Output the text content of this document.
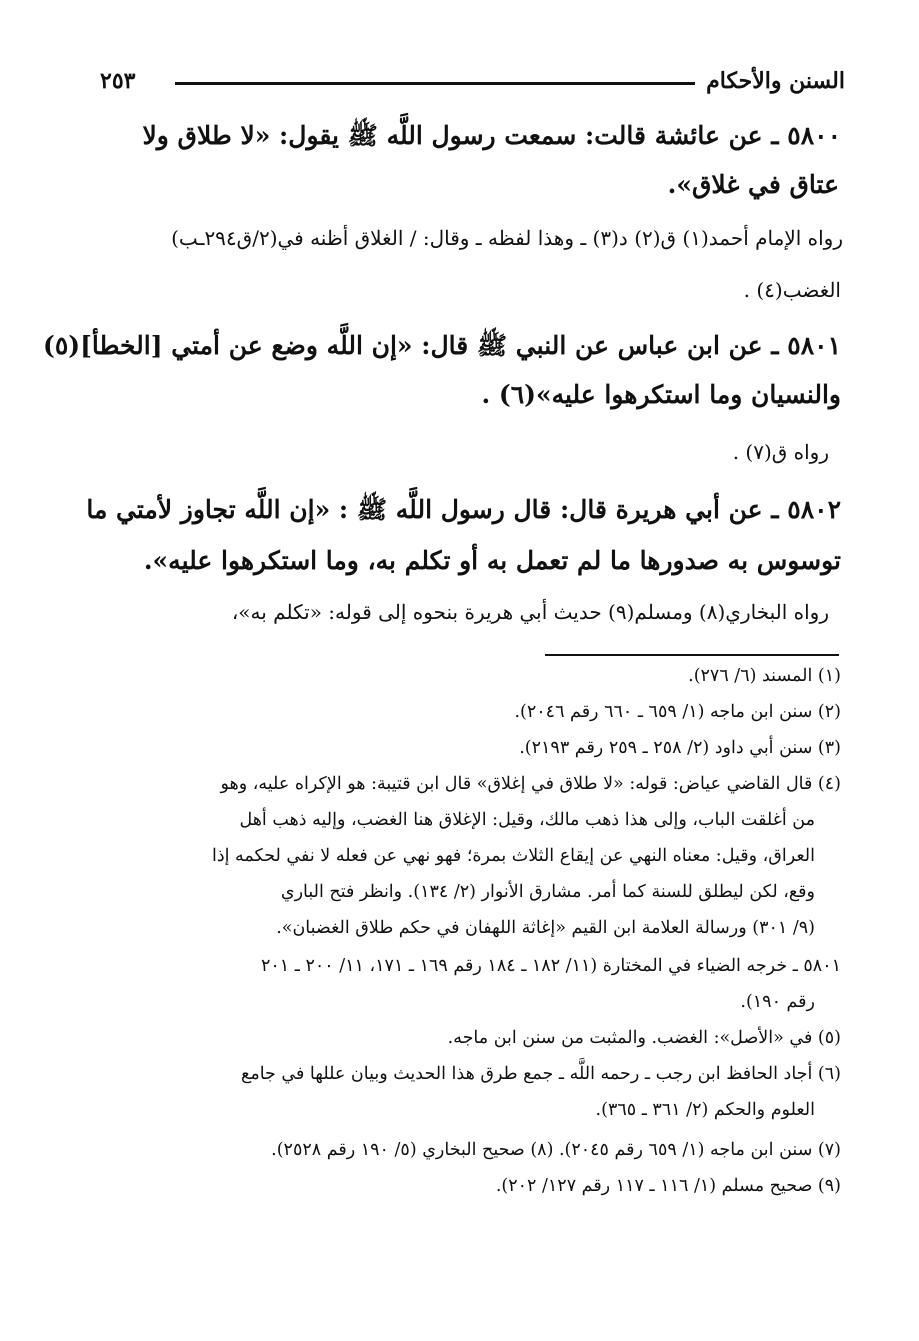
السنن والأحكام
٢٥٣
٥٨٠٠ ـ عن عائشة قالت: سمعت رسول اللَّه ﷺ يقول: «لا طلاق ولا
عتاق في غلاق».
رواه الإمام أحمد(١) ق(٢) د(٣) ـ وهذا لفظه ـ وقال: / الغلاق أظنه في(٢/ق٢٩٤ـب)
الغضب(٤) .
٥٨٠١ ـ عن ابن عباس عن النبي ﷺ قال: «إن اللَّه وضع عن أمتي [الخطأ](٥)
والنسيان وما استكرهوا عليه»(٦) .
رواه ق(٧) .
٥٨٠٢ ـ عن أبي هريرة قال: قال رسول اللَّه ﷺ : «إن اللَّه تجاوز لأمتي ما
توسوس به صدورها ما لم تعمل به أو تكلم به، وما استكرهوا عليه».
رواه البخاري(٨) ومسلم(٩) حديث أبي هريرة بنحوه إلى قوله: «تكلم به»،
(١) المسند (٦/ ٢٧٦).
(٢) سنن ابن ماجه (١/ ٦٥٩ ـ ٦٦٠ رقم ٢٠٤٦).
(٣) سنن أبي داود (٢/ ٢٥٨ ـ ٢٥٩ رقم ٢١٩٣).
(٤) قال القاضي عياض: قوله: «لا طلاق في إغلاق» قال ابن قتيبة: هو الإكراه عليه، وهو
من أغلقت الباب، وإلى هذا ذهب مالك، وقيل: الإغلاق هنا الغضب، وإليه ذهب أهل
العراق، وقيل: معناه النهي عن إيقاع الثلاث بمرة؛ فهو نهي عن فعله لا نفي لحكمه إذا
وقع، لكن ليطلق للسنة كما أمر. مشارق الأنوار (٢/ ١٣٤). وانظر فتح الباري
(٩/ ٣٠١) ورسالة العلامة ابن القيم «إغاثة اللهفان في حكم طلاق الغضبان».
٥٨٠١ ـ خرجه الضياء في المختارة (١١/ ١٨٢ ـ ١٨٤ رقم ١٦٩ ـ ١٧١، ١١/ ٢٠٠ ـ ٢٠١
رقم ١٩٠).
(٥) في «الأصل»: الغضب. والمثبت من سنن ابن ماجه.
(٦) أجاد الحافظ ابن رجب ـ رحمه اللَّه ـ جمع طرق هذا الحديث وبيان عللها في جامع
العلوم والحكم (٢/ ٣٦١ ـ ٣٦٥).
(٧) سنن ابن ماجه (١/ ٦٥٩ رقم ٢٠٤٥). (٨) صحيح البخاري (٥/ ١٩٠ رقم ٢٥٢٨).
(٩) صحيح مسلم (١/ ١١٦ ـ ١١٧ رقم ١٢٧/ ٢٠٢).
